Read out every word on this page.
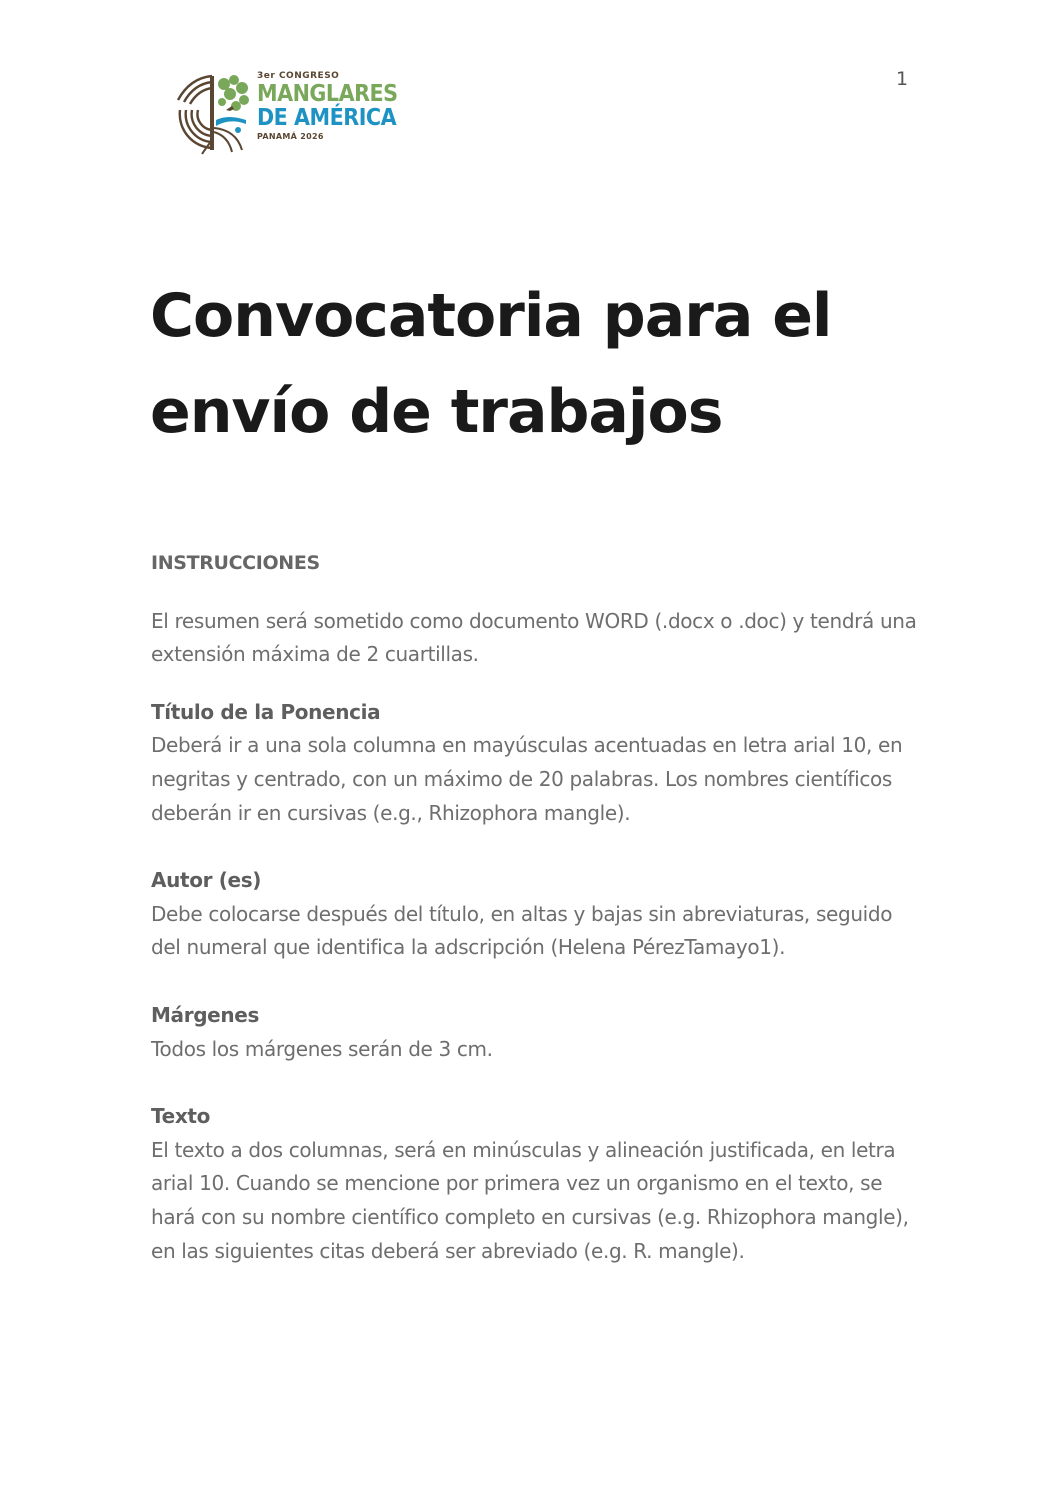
1
3er CONGRESO
MANGLARES
DE AMÉRICA
PANAMÁ 2026
Convocatoria para el envío de trabajos

INSTRUCCIONES

El resumen será sometido como documento WORD (.docx o .doc) y tendrá una extensión máxima de 2 cuartillas.

Título de la Ponencia

Deberá ir a una sola columna en mayúsculas acentuadas en letra arial 10, en negritas y centrado, con un máximo de 20 palabras. Los nombres científicos deberán ir en cursivas (e.g., Rhizophora mangle).

Autor (es)

Debe colocarse después del título, en altas y bajas sin abreviaturas, seguido del numeral que identifica la adscripción (Helena PérezTamayo1).

Márgenes

Todos los márgenes serán de 3 cm.

Texto

El texto a dos columnas, será en minúsculas y alineación justificada, en letra arial 10. Cuando se mencione por primera vez un organismo en el texto, se hará con su nombre científico completo en cursivas (e.g. Rhizophora mangle), en las siguientes citas deberá ser abreviado (e.g. R. mangle).
